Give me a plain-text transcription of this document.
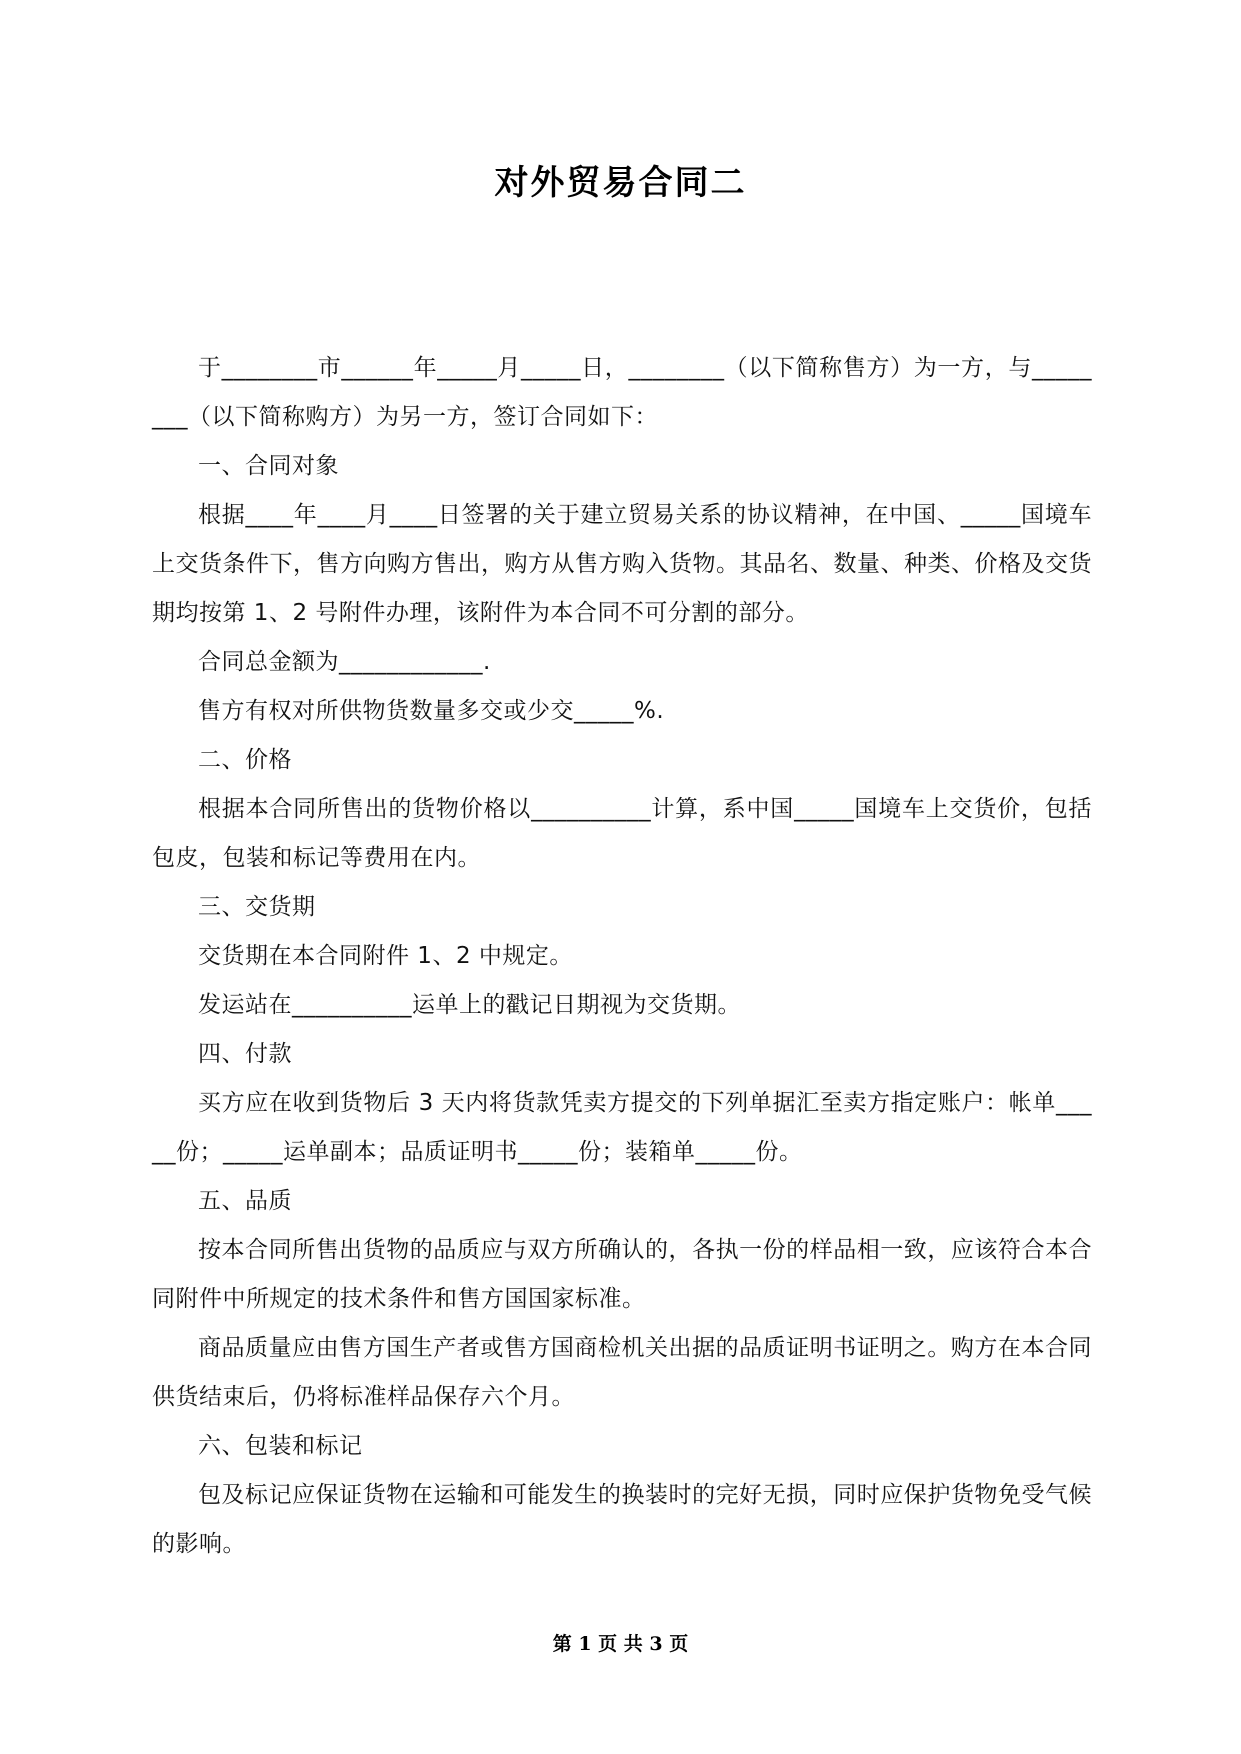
对外贸易合同二

于________市______年_____月_____日，________（以下简称售方）为一方，与________（以下简称购方）为另一方，签订合同如下：

一、合同对象

根据____年____月____日签署的关于建立贸易关系的协议精神，在中国、_____国境车上交货条件下，售方向购方售出，购方从售方购入货物。其品名、数量、种类、价格及交货期均按第 1、2 号附件办理，该附件为本合同不可分割的部分。

合同总金额为____________.

售方有权对所供物货数量多交或少交_____%.

二、价格

根据本合同所售出的货物价格以__________计算，系中国_____国境车上交货价，包括包皮，包装和标记等费用在内。

三、交货期

交货期在本合同附件 1、2 中规定。

发运站在__________运单上的戳记日期视为交货期。

四、付款

买方应在收到货物后 3 天内将货款凭卖方提交的下列单据汇至卖方指定账户：帐单_____份；_____运单副本；品质证明书_____份；装箱单_____份。

五、品质

按本合同所售出货物的品质应与双方所确认的，各执一份的样品相一致，应该符合本合同附件中所规定的技术条件和售方国国家标准。

商品质量应由售方国生产者或售方国商检机关出据的品质证明书证明之。购方在本合同供货结束后，仍将标准样品保存六个月。

六、包装和标记

包及标记应保证货物在运输和可能发生的换装时的完好无损，同时应保护货物免受气候的影响。

第 1 页 共 3 页
